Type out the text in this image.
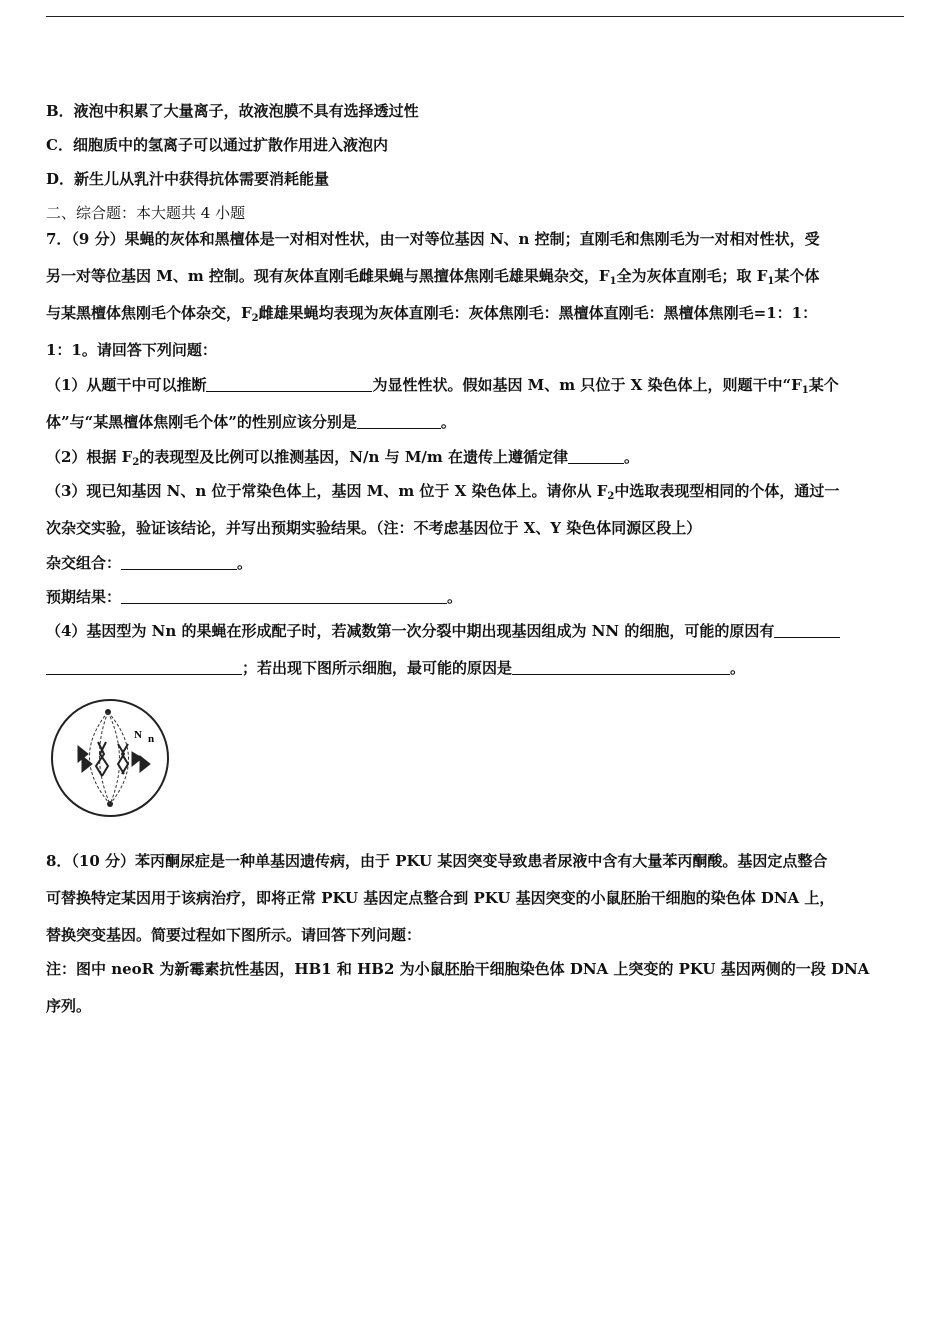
B．液泡中积累了大量离子，故液泡膜不具有选择透过性
C．细胞质中的氢离子可以通过扩散作用进入液泡内
D．新生儿从乳汁中获得抗体需要消耗能量
二、综合题：本大题共 4 小题
7．（9 分）果蝇的灰体和黑檀体是一对相对性状，由一对等位基因 N、n 控制；直刚毛和焦刚毛为一对相对性状，受
另一对等位基因 M、m 控制。现有灰体直刚毛雌果蝇与黑擅体焦刚毛雄果蝇杂交，$F_1$全为灰体直刚毛；取 $F_1$某个体
与某黑檀体焦刚毛个体杂交，$F_2$雌雄果蝇均表现为灰体直刚毛：灰体焦刚毛：黑檀体直刚毛：黑檀体焦刚毛=1：1：
1：1。请回答下列问题：
（1）从题干中可以推断	为显性性状。假如基因 M、m 只位于 X 染色体上，则题干中“$F_1$某个
体”与“某黑檀体焦刚毛个体”的性别应该分别是	。
（2）根据 $F_2$的表现型及比例可以推测基因，N/n 与 M/m 在遗传上遵循定律	。
（3）现已知基因 N、n 位于常染色体上，基因 M、m 位于 X 染色体上。请你从 $F_2$中选取表现型相同的个体，通过一
次杂交实验，验证该结论，并写出预期实验结果。（注：不考虑基因位于 X、Y 染色体同源区段上）
杂交组合：	。
预期结果：	。
（4）基因型为 Nn 的果蝇在形成配子时，若减数第一次分裂中期出现基因组成为 NN 的细胞，可能的原因有
；若出现下图所示细胞，最可能的原因是	。
N n
8．（10 分）苯丙酮尿症是一种单基因遗传病，由于 PKU 某因突变导致患者尿液中含有大量苯丙酮酸。基因定点整合
可替换特定某因用于该病治疗，即将正常 PKU 基因定点整合到 PKU 基因突变的小鼠胚胎干细胞的染色体 DNA 上，
替换突变基因。简要过程如下图所示。请回答下列问题：
注：图中 neoR 为新霉素抗性基因，HB1 和 HB2 为小鼠胚胎干细胞染色体 DNA 上突变的 PKU 基因两侧的一段 DNA
序列。
